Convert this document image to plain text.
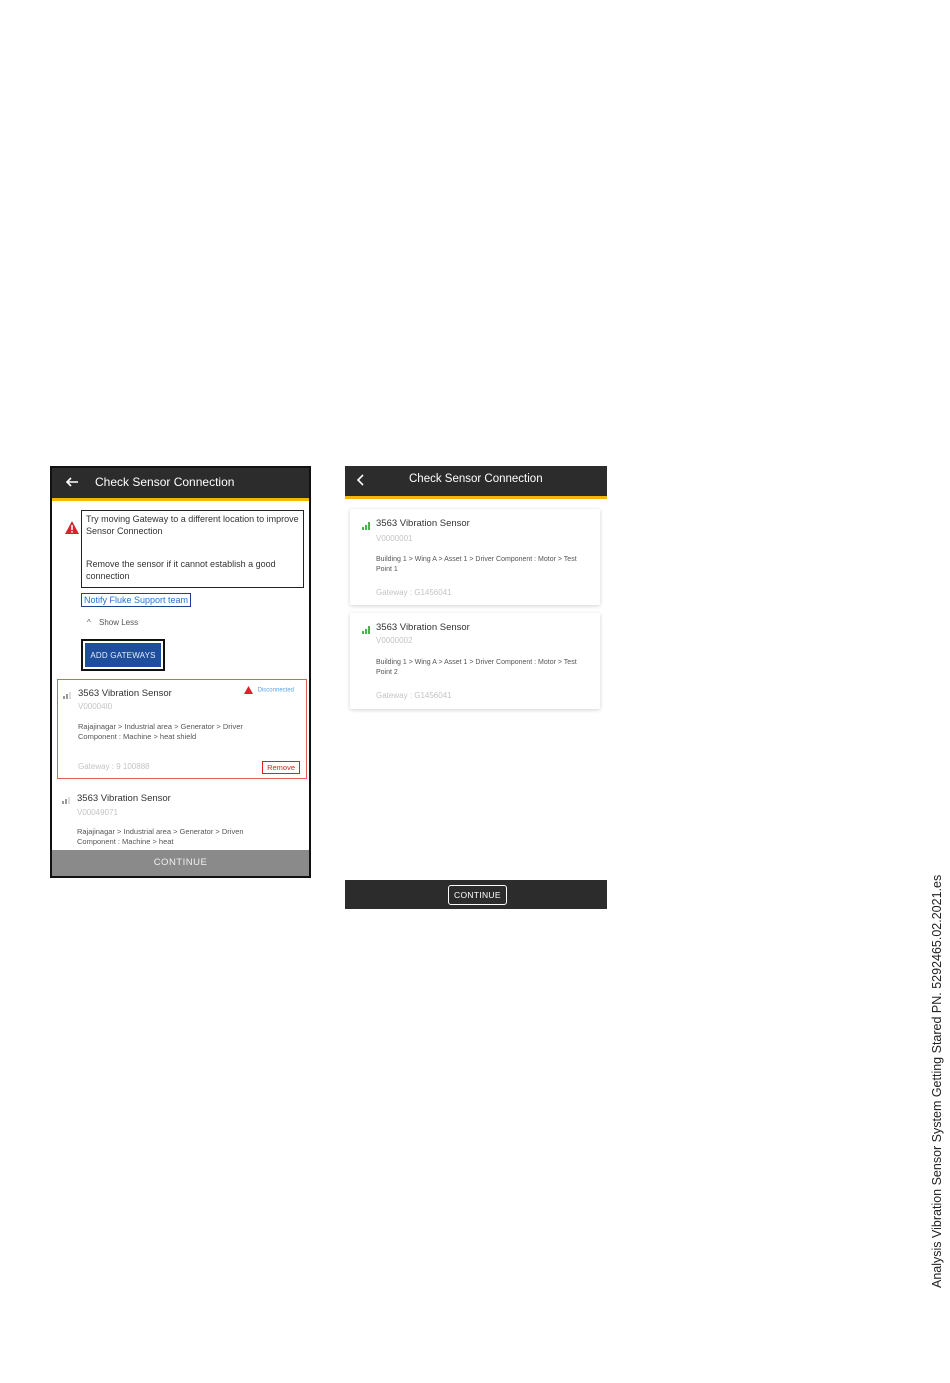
Check Sensor Connection

Try moving Gateway to a different location to improve Sensor Connection

Remove the sensor if it cannot establish a good connection

Notify Fluke Support team
^ Show Less
ADD GATEWAYS
3563 Vibration Sensor	Disconnected
V00004I0
Rajajinagar > Industrial area > Generator > Driver Component : Machine > heat shield
Gateway : 9 100888	Remove
3563 Vibration Sensor
V00049071
Rajajinagar > Industrial area > Generator > Driven Component : Machine > heat
CONTINUE
Check Sensor Connection
3563 Vibration Sensor
V0000001
Building 1 > Wing A > Asset 1 > Driver Component : Motor > Test Point 1
Gateway : G1456041
3563 Vibration Sensor
V0000002
Building 1 > Wing A > Asset 1 > Driver Component : Motor > Test Point 2
Gateway : G1456041
CONTINUE	Analysis Vibration Sensor System Getting Stared PN. 5292465.02.2021.es
